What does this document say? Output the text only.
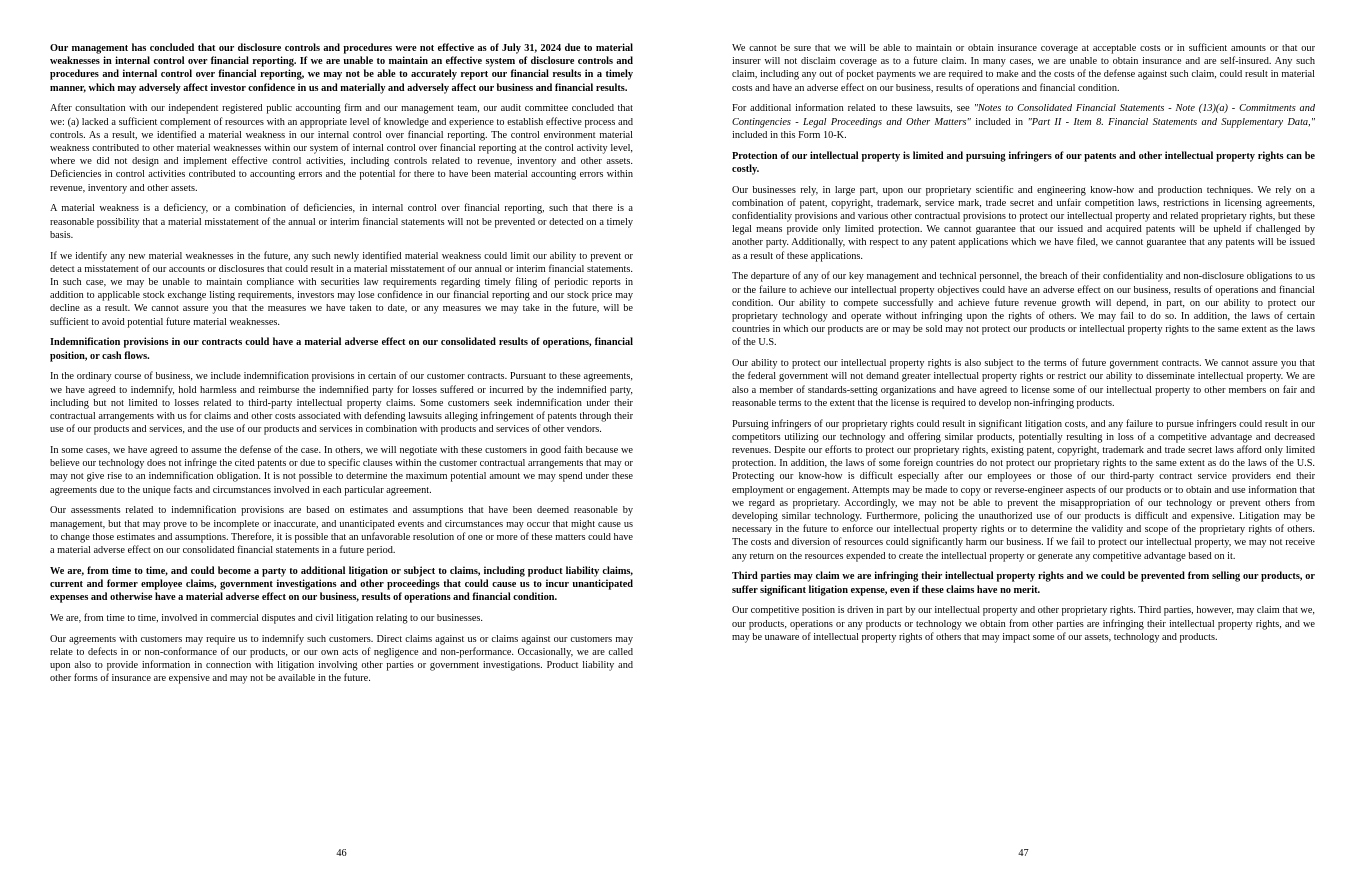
Our management has concluded that our disclosure controls and procedures were not effective as of July 31, 2024 due to material weaknesses in internal control over financial reporting. If we are unable to maintain an effective system of disclosure controls and procedures and internal control over financial reporting, we may not be able to accurately report our financial results in a timely manner, which may adversely affect investor confidence in us and materially and adversely affect our business and financial results.

After consultation with our independent registered public accounting firm and our management team, our audit committee concluded that we: (a) lacked a sufficient complement of resources with an appropriate level of knowledge and experience to establish effective process and controls. As a result, we identified a material weakness in our internal control over financial reporting. The control environment material weakness contributed to other material weaknesses within our system of internal control over financial reporting at the control activity level, where we did not design and implement effective control activities, including controls related to revenue, inventory and other assets. Deficiencies in control activities contributed to accounting errors and the potential for there to have been material accounting errors within revenue, inventory and other assets.

A material weakness is a deficiency, or a combination of deficiencies, in internal control over financial reporting, such that there is a reasonable possibility that a material misstatement of the annual or interim financial statements will not be prevented or detected on a timely basis.

If we identify any new material weaknesses in the future, any such newly identified material weakness could limit our ability to prevent or detect a misstatement of our accounts or disclosures that could result in a material misstatement of our annual or interim financial statements. In such case, we may be unable to maintain compliance with securities law requirements regarding timely filing of periodic reports in addition to applicable stock exchange listing requirements, investors may lose confidence in our financial reporting and our stock price may decline as a result. We cannot assure you that the measures we have taken to date, or any measures we may take in the future, will be sufficient to avoid potential future material weaknesses.

Indemnification provisions in our contracts could have a material adverse effect on our consolidated results of operations, financial position, or cash flows.

In the ordinary course of business, we include indemnification provisions in certain of our customer contracts. Pursuant to these agreements, we have agreed to indemnify, hold harmless and reimburse the indemnified party for losses suffered or incurred by the indemnified party, including but not limited to losses related to third-party intellectual property claims. Some customers seek indemnification under their contractual arrangements with us for claims and other costs associated with defending lawsuits alleging infringement of patents through their use of our products and services, and the use of our products and services in combination with products and services of other vendors.

In some cases, we have agreed to assume the defense of the case. In others, we will negotiate with these customers in good faith because we believe our technology does not infringe the cited patents or due to specific clauses within the customer contractual arrangements that may or may not give rise to an indemnification obligation. It is not possible to determine the maximum potential amount we may spend under these agreements due to the unique facts and circumstances involved in each particular agreement.

Our assessments related to indemnification provisions are based on estimates and assumptions that have been deemed reasonable by management, but that may prove to be incomplete or inaccurate, and unanticipated events and circumstances may occur that might cause us to change those estimates and assumptions. Therefore, it is possible that an unfavorable resolution of one or more of these matters could have a material adverse effect on our consolidated financial statements in a future period.

We are, from time to time, and could become a party to additional litigation or subject to claims, including product liability claims, current and former employee claims, government investigations and other proceedings that could cause us to incur unanticipated expenses and otherwise have a material adverse effect on our business, results of operations and financial condition.

We are, from time to time, involved in commercial disputes and civil litigation relating to our businesses.

Our agreements with customers may require us to indemnify such customers. Direct claims against us or claims against our customers may relate to defects in or non-conformance of our products, or our own acts of negligence and non-performance. Occasionally, we are called upon also to provide information in connection with litigation involving other parties or government investigations. Product liability and other forms of insurance are expensive and may not be available in the future.

46

We cannot be sure that we will be able to maintain or obtain insurance coverage at acceptable costs or in sufficient amounts or that our insurer will not disclaim coverage as to a future claim. In many cases, we are unable to obtain insurance and are self-insured. Any such claim, including any out of pocket payments we are required to make and the costs of the defense against such claim, could result in material costs and have an adverse effect on our business, results of operations and financial condition.

For additional information related to these lawsuits, see "Notes to Consolidated Financial Statements - Note (13)(a) - Commitments and Contingencies - Legal Proceedings and Other Matters" included in "Part II - Item 8. Financial Statements and Supplementary Data," included in this Form 10-K.

Protection of our intellectual property is limited and pursuing infringers of our patents and other intellectual property rights can be costly.

Our businesses rely, in large part, upon our proprietary scientific and engineering know-how and production techniques. We rely on a combination of patent, copyright, trademark, service mark, trade secret and unfair competition laws, restrictions in licensing agreements, confidentiality provisions and various other contractual provisions to protect our intellectual property and related proprietary rights, but these legal means provide only limited protection. We cannot guarantee that our issued and acquired patents will be upheld if challenged by another party. Additionally, with respect to any patent applications which we have filed, we cannot guarantee that any patents will be issued as a result of these applications.

The departure of any of our key management and technical personnel, the breach of their confidentiality and non-disclosure obligations to us or the failure to achieve our intellectual property objectives could have an adverse effect on our business, results of operations and financial condition. Our ability to compete successfully and achieve future revenue growth will depend, in part, on our ability to protect our proprietary technology and operate without infringing upon the rights of others. We may fail to do so. In addition, the laws of certain countries in which our products are or may be sold may not protect our products or intellectual property rights to the same extent as the laws of the U.S.

Our ability to protect our intellectual property rights is also subject to the terms of future government contracts. We cannot assure you that the federal government will not demand greater intellectual property rights or restrict our ability to disseminate intellectual property. We are also a member of standards-setting organizations and have agreed to license some of our intellectual property to other members on fair and reasonable terms to the extent that the license is required to develop non-infringing products.

Pursuing infringers of our proprietary rights could result in significant litigation costs, and any failure to pursue infringers could result in our competitors utilizing our technology and offering similar products, potentially resulting in loss of a competitive advantage and decreased revenues. Despite our efforts to protect our proprietary rights, existing patent, copyright, trademark and trade secret laws afford only limited protection. In addition, the laws of some foreign countries do not protect our proprietary rights to the same extent as do the laws of the U.S. Protecting our know-how is difficult especially after our employees or those of our third-party contract service providers end their employment or engagement. Attempts may be made to copy or reverse-engineer aspects of our products or to obtain and use information that we regard as proprietary. Accordingly, we may not be able to prevent the misappropriation of our technology or prevent others from developing similar technology. Furthermore, policing the unauthorized use of our products is difficult and expensive. Litigation may be necessary in the future to enforce our intellectual property rights or to determine the validity and scope of the proprietary rights of others. The costs and diversion of resources could significantly harm our business. If we fail to protect our intellectual property, we may not receive any return on the resources expended to create the intellectual property or generate any competitive advantage based on it.

Third parties may claim we are infringing their intellectual property rights and we could be prevented from selling our products, or suffer significant litigation expense, even if these claims have no merit.

Our competitive position is driven in part by our intellectual property and other proprietary rights. Third parties, however, may claim that we, our products, operations or any products or technology we obtain from other parties are infringing their intellectual property rights, and we may be unaware of intellectual property rights of others that may impact some of our assets, technology and products.

47
